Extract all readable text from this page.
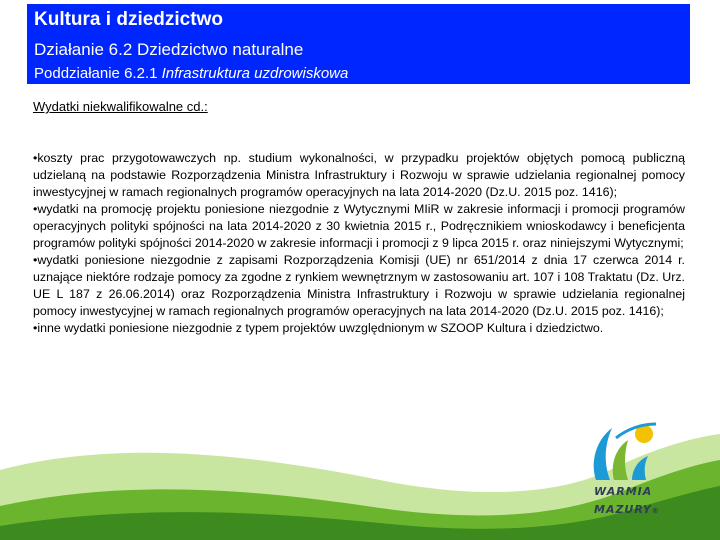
Kultura i dziedzictwo
Działanie 6.2 Dziedzictwo naturalne
Poddziałanie 6.2.1 Infrastruktura uzdrowiskowa
Wydatki niekwalifikowalne cd.:

•koszty prac przygotowawczych np. studium wykonalności, w przypadku projektów objętych pomocą publiczną udzielaną na podstawie Rozporządzenia Ministra Infrastruktury i Rozwoju w sprawie udzielania regionalnej pomocy inwestycyjnej w ramach regionalnych programów operacyjnych na lata 2014-2020 (Dz.U. 2015 poz. 1416);

•wydatki na promocję projektu poniesione niezgodnie z Wytycznymi MIiR w zakresie informacji i promocji programów operacyjnych polityki spójności na lata 2014-2020 z 30 kwietnia 2015 r., Podręcznikiem wnioskodawcy i beneficjenta programów polityki spójności 2014-2020 w zakresie informacji i promocji z 9 lipca 2015 r. oraz niniejszymi Wytycznymi;

•wydatki poniesione niezgodnie z zapisami Rozporządzenia Komisji (UE) nr 651/2014 z dnia 17 czerwca 2014 r. uznające niektóre rodzaje pomocy za zgodne z rynkiem wewnętrznym w zastosowaniu art. 107 i 108 Traktatu (Dz. Urz. UE L 187 z 26.06.2014) oraz Rozporządzenia Ministra Infrastruktury i Rozwoju w sprawie udzielania regionalnej pomocy inwestycyjnej w ramach regionalnych programów operacyjnych na lata 2014-2020 (Dz.U. 2015 poz. 1416);

•inne wydatki poniesione niezgodnie z typem projektów uwzględnionym w SZOOP Kultura i dziedzictwo.

WARMIA
MAZURY®
